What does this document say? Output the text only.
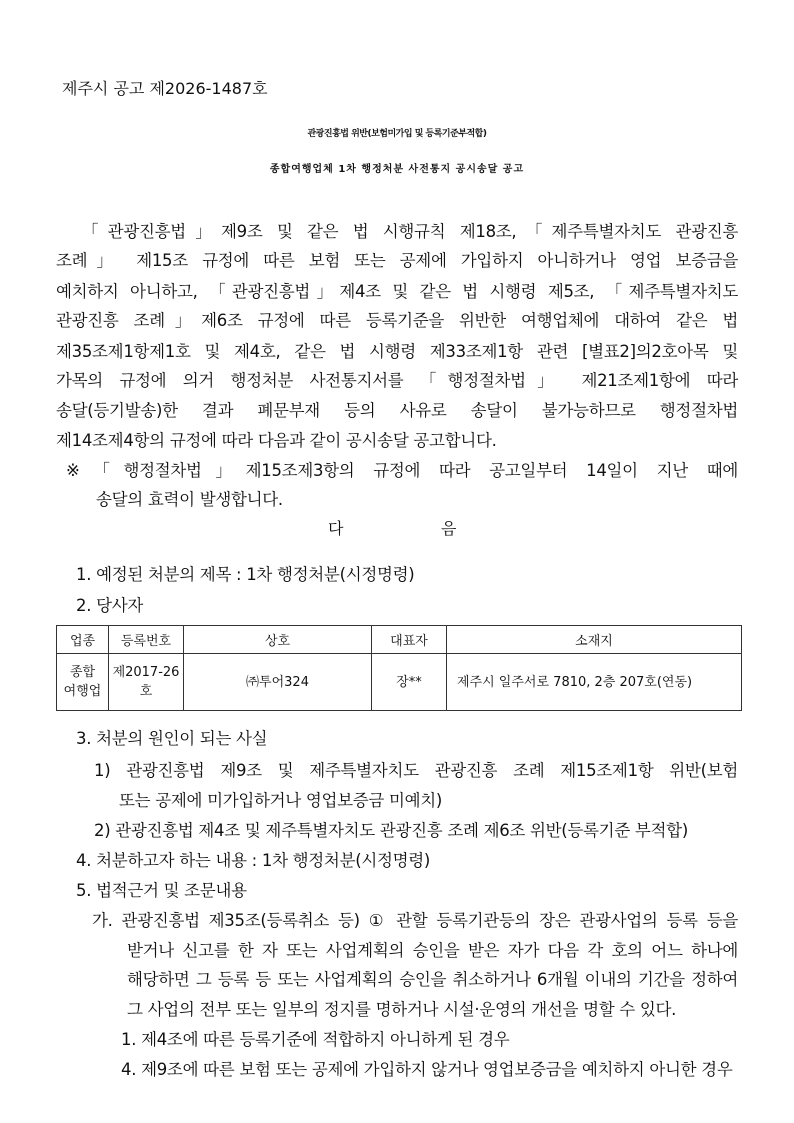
제주시 공고 제2026-1487호
관광진흥법 위반(보험미가입 및 등록기준부적합)
종합여행업체 1차 행정처분 사전통지 공시송달 공고
「관광진흥법」제9조 및 같은 법 시행규칙 제18조,「제주특별자치도 관광진흥
조례」 제15조 규정에 따른 보험 또는 공제에 가입하지 아니하거나 영업 보증금을
예치하지 아니하고, 「관광진흥법」제4조 및 같은 법 시행령 제5조, 「제주특별자치도
관광진흥 조례」제6조 규정에 따른 등록기준을 위반한 여행업체에 대하여 같은 법
제35조제1항제1호 및 제4호, 같은 법 시행령 제33조제1항 관련 [별표2]의2호아목 및
가목의 규정에 의거 행정처분 사전통지서를 「행정절차법」 제21조제1항에 따라
송달(등기발송)한 결과 폐문부재 등의 사유로 송달이 불가능하므로 행정절차법
제14조제4항의 규정에 따라 다음과 같이 공시송달 공고합니다.
※「행정절차법」제15조제3항의 규정에 따라 공고일부터 14일이 지난 때에
송달의 효력이 발생합니다.
다	음
1. 예정된 처분의 제목 : 1차 행정처분(시정명령)
2. 당사자
업종	등록번호	상호	대표자	소재지

종합
여행업	제2017-26호	㈜투어324	장**	제주시 일주서로 7810, 2층 207호(연동)
3. 처분의 원인이 되는 사실
1) 관광진흥법 제9조 및 제주특별자치도 관광진흥 조례 제15조제1항 위반(보험
또는 공제에 미가입하거나 영업보증금 미예치)
2) 관광진흥법 제4조 및 제주특별자치도 관광진흥 조례 제6조 위반(등록기준 부적합)
4. 처분하고자 하는 내용 : 1차 행정처분(시정명령)
5. 법적근거 및 조문내용
가. 관광진흥법 제35조(등록취소 등) ① 관할 등록기관등의 장은 관광사업의 등록 등을
받거나 신고를 한 자 또는 사업계획의 승인을 받은 자가 다음 각 호의 어느 하나에
해당하면 그 등록 등 또는 사업계획의 승인을 취소하거나 6개월 이내의 기간을 정하여
그 사업의 전부 또는 일부의 정지를 명하거나 시설·운영의 개선을 명할 수 있다.
1. 제4조에 따른 등록기준에 적합하지 아니하게 된 경우
4. 제9조에 따른 보험 또는 공제에 가입하지 않거나 영업보증금을 예치하지 아니한 경우
